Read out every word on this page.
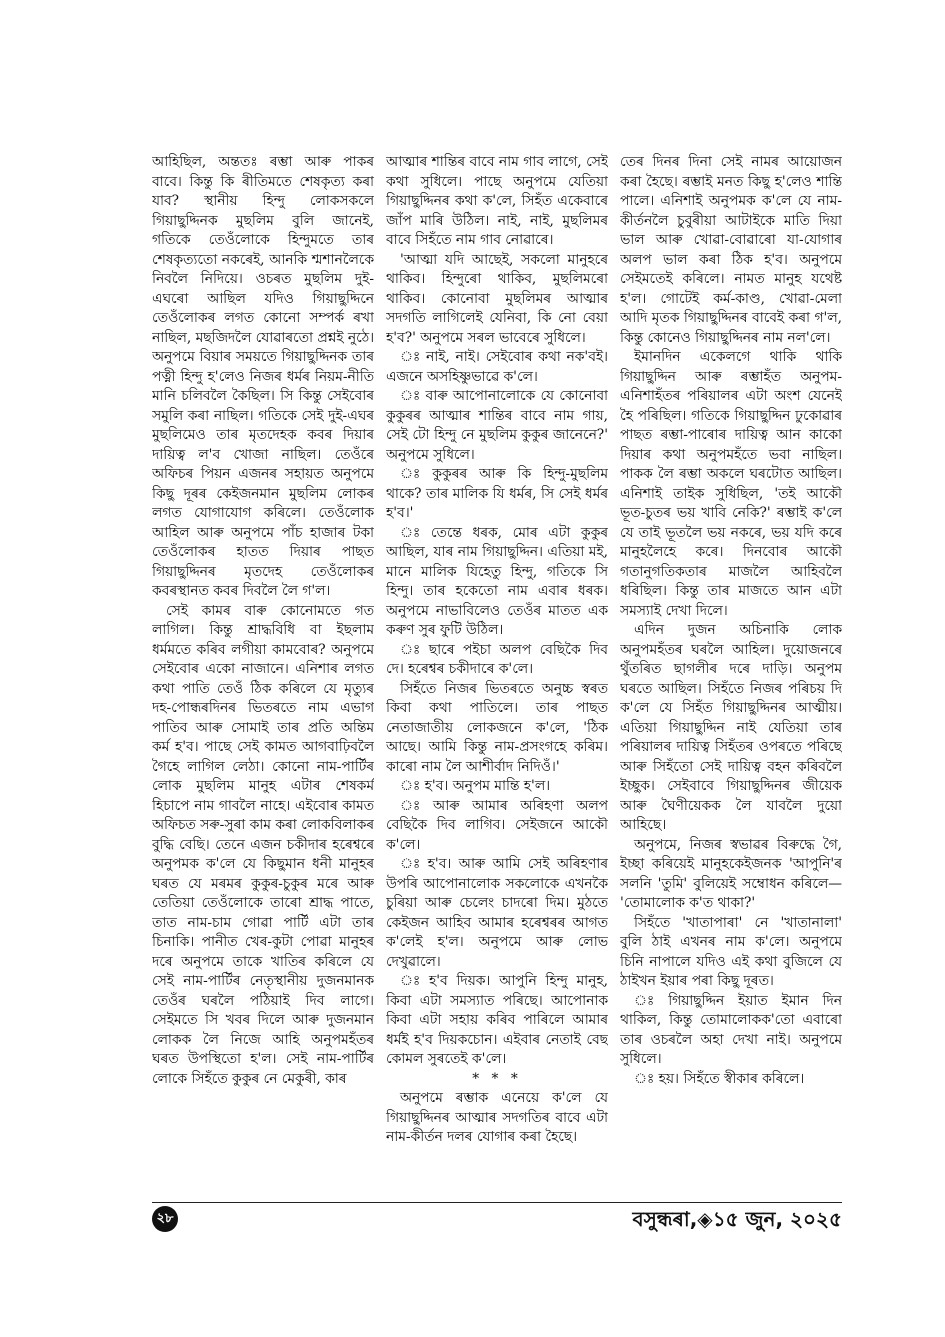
আহিছিল, অন্ততঃ ৰম্ভা আৰু পাকৰ বাবে। কিন্তু কি ৰীতিমতে শেষকৃত্য কৰা যাব? স্থানীয় হিন্দু লোকসকলে গিয়াছুদ্দিনক মুছলিম বুলি জানেই, গতিকে তেওঁলোকে হিন্দুমতে তাৰ শেষকৃত্যতো নকৰেই, আনকি শ্মশানলৈকে নিবলৈ নিদিয়ে। ওচৰত মুছলিম দুই-এঘৰো আছিল যদিও গিয়াছুদ্দিনে তেওঁলোকৰ লগত কোনো সম্পৰ্ক ৰখা নাছিল, মছজিদলৈ যোৱাৰতো প্ৰশ্নই নুঠে। অনুপমে বিয়াৰ সময়তে গিয়াছুদ্দিনক তাৰ পত্নী হিন্দু হ'লেও নিজৰ ধৰ্মৰ নিয়ম-নীতি মানি চলিবলৈ কৈছিল। সি কিন্তু সেইবোৰ সমুলি কৰা নাছিল। গতিকে সেই দুই-এঘৰ মুছলিমেও তাৰ মৃতদেহক কবৰ দিয়াৰ দায়িত্ব ল'ব খোজা নাছিল। তেওঁৰে অফিচৰ পিয়ন এজনৰ সহায়ত অনুপমে কিছু দূৰৰ কেইজনমান মুছলিম লোকৰ লগত যোগাযোগ কৰিলে। তেওঁলোক আহিল আৰু অনুপমে পাঁচ হাজাৰ টকা তেওঁলোকৰ হাতত দিয়াৰ পাছত গিয়াছুদ্দিনৰ মৃতদেহ তেওঁলোকৰ কবৰস্থানত কবৰ দিবলৈ লৈ গ'ল।

সেই কামৰ বাৰু কোনোমতে গত লাগিল। কিন্তু শ্ৰাদ্ধবিধি বা ইছলাম ধৰ্মমতে কৰিব লগীয়া কামবোৰ? অনুপমে সেইবোৰ একো নাজানে। এনিশাৰ লগত কথা পাতি তেওঁ ঠিক কৰিলে যে মৃত্যুৰ দহ-পোন্ধৰদিনৰ ভিতৰতে নাম এভাগ পাতিব আৰু সোমাই তাৰ প্ৰতি অন্তিম কৰ্ম হ'ব। পাছে সেই কামত আগবাঢ়িবলৈ গৈহে লাগিল লেঠা। কোনো নাম-পাৰ্টিৰ লোক মুছলিম মানুহ এটাৰ শেষকৰ্ম হিচাপে নাম গাবলৈ নাহে। এইবোৰ কামত অফিচত সৰু-সুৰা কাম কৰা লোকবিলাকৰ বুদ্ধি বেছি। তেনে এজন চকীদাৰ হৰেশ্বৰে অনুপমক ক'লে যে কিছুমান ধনী মানুহৰ ঘৰত যে মৰমৰ কুকুৰ-চুকুৰ মৰে আৰু তেতিয়া তেওঁলোকে তাৰো শ্ৰাদ্ধ পাতে, তাত নাম-চাম গোৱা পাৰ্টি এটা তাৰ চিনাকি। পানীত খেৰ-কুটা পোৱা মানুহৰ দৰে অনুপমে তাকে খাতিৰ কৰিলে যে সেই নাম-পাৰ্টিৰ নেতৃস্থানীয় দুজনমানক তেওঁৰ ঘৰলৈ পঠিয়াই দিব লাগে। সেইমতে সি খবৰ দিলে আৰু দুজনমান লোকক লৈ নিজে আহি অনুপমহঁতৰ ঘৰত উপস্থিতো হ'ল। সেই নাম-পাৰ্টিৰ লোকে সিহঁতে কুকুৰ নে মেকুৰী, কাৰ

আত্মাৰ শান্তিৰ বাবে নাম গাব লাগে, সেই কথা সুধিলে। পাছে অনুপমে যেতিয়া গিয়াছুদ্দিনৰ কথা ক'লে, সিহঁত একেবাৰে জাঁপ মাৰি উঠিল। নাই, নাই, মুছলিমৰ বাবে সিহঁতে নাম গাব নোৱাৰে।

'আত্মা যদি আছেই, সকলো মানুহৰে থাকিব। হিন্দুৰো থাকিব, মুছলিমৰো থাকিব। কোনোবা মুছলিমৰ আত্মাৰ সদগতি লাগিলেই যেনিবা, কি নো বেয়া হ'ব?' অনুপমে সৰল ভাবেৰে সুধিলে।

ঃ নাই, নাই। সেইবোৰ কথা নক'বই। এজনে অসহিষ্ণুভাৱে ক'লে।

ঃ বাৰু আপোনালোকে যে কোনোবা কুকুৰৰ আত্মাৰ শান্তিৰ বাবে নাম গায়, সেই টো হিন্দু নে মুছলিম কুকুৰ জানেনে?' অনুপমে সুধিলে।

ঃ কুকুৰৰ আৰু কি হিন্দু-মুছলিম থাকে? তাৰ মালিক যি ধৰ্মৰ, সি সেই ধৰ্মৰ হ'ব।'

ঃ তেন্তে ধৰক, মোৰ এটা কুকুৰ আছিল, যাৰ নাম গিয়াছুদ্দিন। এতিয়া মই, মানে মালিক যিহেতু হিন্দু, গতিকে সি হিন্দু। তাৰ হকেতো নাম এবাৰ ধৰক। অনুপমে নাভাবিলেও তেওঁৰ মাতত এক কৰুণ সুৰ ফুটি উঠিল।

ঃ ছাৰে পইচা অলপ বেছিকৈ দিব দে। হৰেশ্বৰ চকীদাৰে ক'লে।

সিহঁতে নিজৰ ভিতৰতে অনুচ্চ স্বৰত কিবা কথা পাতিলে। তাৰ পাছত নেতাজাতীয় লোকজনে ক'লে, 'ঠিক আছে। আমি কিন্তু নাম-প্ৰসংগহে কৰিম। কাৰো নাম লৈ আশীৰ্বাদ নিদিওঁ।'

ঃ হ'ব। অনুপম মান্তি হ'ল।

ঃ আৰু আমাৰ অৰিহণা অলপ বেছিকৈ দিব লাগিব। সেইজনে আকৌ ক'লে।

ঃ হ'ব। আৰু আমি সেই অৰিহণাৰ উপৰি আপোনালোক সকলোকে এখনকৈ চুৰিয়া আৰু চেলেং চাদৰো দিম। মুঠতে কেইজন আহিব আমাৰ হৰেশ্বৰৰ আগত ক'লেই হ'ল। অনুপমে আৰু লোভ দেখুৱালে।

ঃ হ'ব দিয়ক। আপুনি হিন্দু মানুহ, কিবা এটা সমস্যাত পৰিছে। আপোনাক কিবা এটা সহায় কৰিব পাৰিলে আমাৰ ধৰ্মই হ'ব দিয়কচোন। এইবাৰ নেতাই বেছ কোমল সুৰতেই ক'লে।

* * *

অনুপমে ৰম্ভাক এনেয়ে ক'লে যে গিয়াছুদ্দিনৰ আত্মাৰ সদগতিৰ বাবে এটা নাম-কীৰ্তন দলৰ যোগাৰ কৰা হৈছে।

তেৰ দিনৰ দিনা সেই নামৰ আয়োজন কৰা হৈছে। ৰম্ভাই মনত কিছু হ'লেও শান্তি পালে। এনিশাই অনুপমক ক'লে যে নাম-কীৰ্তনলৈ চুবুৰীয়া আটাইকে মাতি দিয়া ভাল আৰু খোৱা-বোৱাৰো যা-যোগাৰ অলপ ভাল কৰা ঠিক হ'ব। অনুপমে সেইমতেই কৰিলে। নামত মানুহ যথেষ্ট হ'ল। গোটেই কৰ্ম-কাণ্ড, খোৱা-মেলা আদি মৃতক গিয়াছুদ্দিনৰ বাবেই কৰা গ'ল, কিন্তু কোনেও গিয়াছুদ্দিনৰ নাম নল'লে।

ইমানদিন একেলগে থাকি থাকি গিয়াছুদ্দিন আৰু ৰম্ভাহঁত অনুপম-এনিশাহঁতৰ পৰিয়ালৰ এটা অংশ যেনেই হৈ পৰিছিল। গতিকে গিয়াছুদ্দিন ঢুকোৱাৰ পাছত ৰম্ভা-পাৰোৰ দায়িত্ব আন কাকো দিয়াৰ কথা অনুপমহঁতে ভবা নাছিল। পাকক লৈ ৰম্ভা অকলে ঘৰটোত আছিল। এনিশাই তাইক সুধিছিল, 'তই আকৌ ভূত-চুতৰ ভয় খাবি নেকি?' ৰম্ভাই ক'লে যে তাই ভূতলৈ ভয় নকৰে, ভয় যদি কৰে মানুহলৈহে কৰে। দিনবোৰ আকৌ গতানুগতিকতাৰ মাজলৈ আহিবলৈ ধৰিছিল। কিন্তু তাৰ মাজতে আন এটা সমস্যাই দেখা দিলে।

এদিন দুজন অচিনাকি লোক অনুপমহঁতৰ ঘৰলৈ আহিল। দুয়োজনৰে থুঁতৰিত ছাগলীৰ দৰে দাড়ি। অনুপম ঘৰতে আছিল। সিহঁতে নিজৰ পৰিচয় দি ক'লে যে সিহঁত গিয়াছুদ্দিনৰ আত্মীয়। এতিয়া গিয়াছুদ্দিন নাই যেতিয়া তাৰ পৰিয়ালৰ দায়িত্ব সিহঁতৰ ওপৰতে পৰিছে আৰু সিহঁতো সেই দায়িত্ব বহন কৰিবলৈ ইচ্ছুক। সেইবাবে গিয়াছুদ্দিনৰ জীয়েক আৰু ঘৈণীয়েকক লৈ যাবলৈ দুয়ো আহিছে।

অনুপমে, নিজৰ স্বভাৱৰ বিৰুদ্ধে গৈ, ইচ্ছা কৰিয়েই মানুহকেইজনক 'আপুনি'ৰ সলনি 'তুমি' বুলিয়েই সম্বোধন কৰিলে— 'তোমালোক ক'ত থাকা?'

সিহঁতে 'খাতাপাৰা' নে 'খাতানালা' বুলি ঠাই এখনৰ নাম ক'লে। অনুপমে চিনি নাপালে যদিও এই কথা বুজিলে যে ঠাইখন ইয়াৰ পৰা কিছু দূৰত।

ঃ গিয়াছুদ্দিন ইয়াত ইমান দিন থাকিল, কিন্তু তোমালোকক'তো এবাৰো তাৰ ওচৰলৈ অহা দেখা নাই। অনুপমে সুধিলে।

ঃ হয়। সিহঁতে স্বীকাৰ কৰিলে।

২৮	বসুন্ধৰা,◈১৫ জুন, ২০২৫
